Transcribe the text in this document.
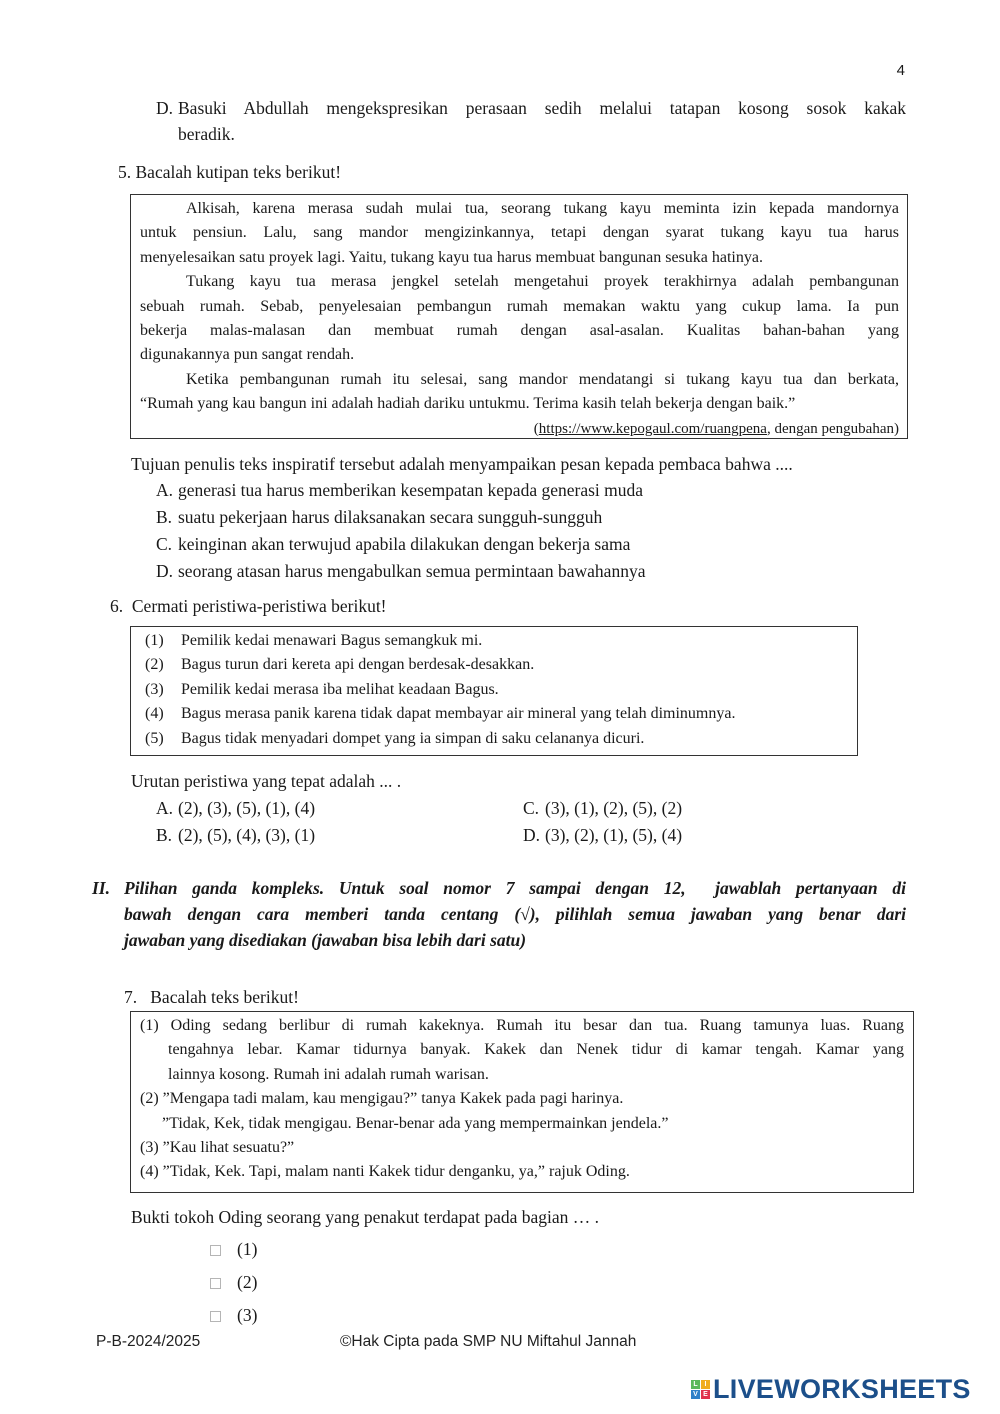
4
D. Basuki Abdullah mengekspresikan perasaan sedih melalui tatapan kosong sosok kakak
beradik.
5. Bacalah kutipan teks berikut!
Alkisah, karena merasa sudah mulai tua, seorang tukang kayu meminta izin kepada mandornya
untuk pensiun. Lalu, sang mandor mengizinkannya, tetapi dengan syarat tukang kayu tua harus
menyelesaikan satu proyek lagi. Yaitu, tukang kayu tua harus membuat bangunan sesuka hatinya.
Tukang kayu tua merasa jengkel setelah mengetahui proyek terakhirnya adalah pembangunan
sebuah rumah. Sebab, penyelesaian pembangun rumah memakan waktu yang cukup lama. Ia pun
bekerja malas-malasan dan membuat rumah dengan asal-asalan. Kualitas bahan-bahan yang
digunakannya pun sangat rendah.
Ketika pembangunan rumah itu selesai, sang mandor mendatangi si tukang kayu tua dan berkata,
“Rumah yang kau bangun ini adalah hadiah dariku untukmu. Terima kasih telah bekerja dengan baik.”
(https://www.kepogaul.com/ruangpena, dengan pengubahan)
Tujuan penulis teks inspiratif tersebut adalah menyampaikan pesan kepada pembaca bahwa ....
A. generasi tua harus memberikan kesempatan kepada generasi muda
B. suatu pekerjaan harus dilaksanakan secara sungguh-sungguh
C. keinginan akan terwujud apabila dilakukan dengan bekerja sama
D. seorang atasan harus mengabulkan semua permintaan bawahannya
6.  Cermati peristiwa-peristiwa berikut!
(1) Pemilik kedai menawari Bagus semangkuk mi.
(2) Bagus turun dari kereta api dengan berdesak-desakkan.
(3) Pemilik kedai merasa iba melihat keadaan Bagus.
(4) Bagus merasa panik karena tidak dapat membayar air mineral yang telah diminumnya.
(5) Bagus tidak menyadari dompet yang ia simpan di saku celananya dicuri.
Urutan peristiwa yang tepat adalah ... .
A. (2), (3), (5), (1), (4)
B. (2), (5), (4), (3), (1)
C. (3), (1), (2), (5), (2)
D. (3), (2), (1), (5), (4)
II. Pilihan ganda kompleks. Untuk soal nomor 7 sampai dengan 12,  jawablah pertanyaan di
bawah dengan cara memberi tanda centang (√), pilihlah semua jawaban yang benar dari
jawaban yang disediakan (jawaban bisa lebih dari satu)
7.   Bacalah teks berikut!
(1) Oding sedang berlibur di rumah kakeknya. Rumah itu besar dan tua. Ruang tamunya luas. Ruang
tengahnya lebar. Kamar tidurnya banyak. Kakek dan Nenek tidur di kamar tengah. Kamar yang
lainnya kosong. Rumah ini adalah rumah warisan.
(2) ”Mengapa tadi malam, kau mengigau?” tanya Kakek pada pagi harinya.
”Tidak, Kek, tidak mengigau. Benar-benar ada yang mempermainkan jendela.”
(3) ”Kau lihat sesuatu?”
(4) ”Tidak, Kek. Tapi, malam nanti Kakek tidur denganku, ya,” rajuk Oding.
Bukti tokoh Oding seorang yang penakut terdapat pada bagian … .
(1)
(2)
(3)
P-B-2024/2025	©Hak Cipta pada SMP NU Miftahul Jannah
L I
V E LIVEWORKSHEETS
